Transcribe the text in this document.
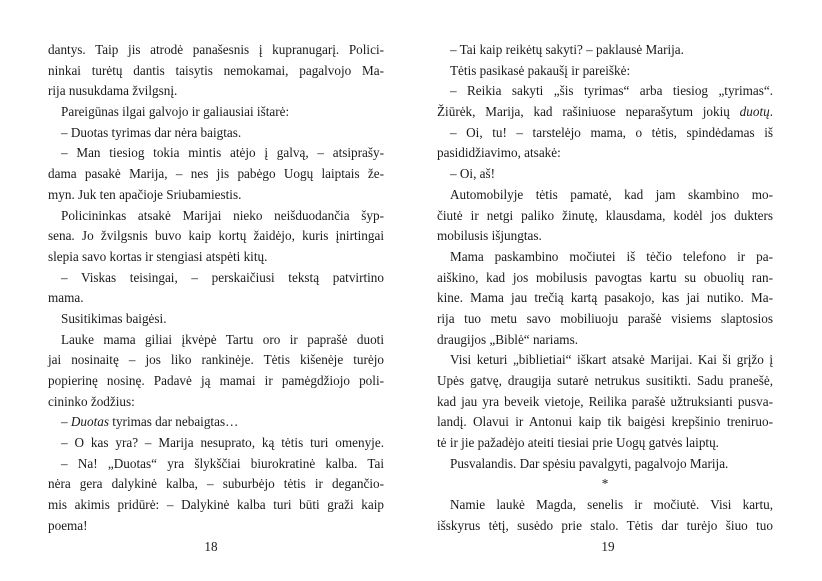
dantys. Taip jis atrodė panašesnis į kupranugarį. Polici-
ninkai turėtų dantis taisytis nemokamai, pagalvojo Ma-
rija nusukdama žvilgsnį.
Pareigūnas ilgai galvojo ir galiausiai ištarė:
– Duotas tyrimas dar nėra baigtas.
– Man tiesiog tokia mintis atėjo į galvą, – atsiprašy-
dama pasakė Marija, – nes jis pabėgo Uogų laiptais že-
myn. Juk ten apačioje Sriubamiestis.
Policininkas atsakė Marijai nieko neišduodančia šyp-
sena. Jo žvilgsnis buvo kaip kortų žaidėjo, kuris įnirtingai
slepia savo kortas ir stengiasi atspėti kitų.
– Viskas teisingai, – perskaičiusi tekstą patvirtino
mama.
Susitikimas baigėsi.
Lauke mama giliai įkvėpė Tartu oro ir paprašė duoti
jai nosinaitę – jos liko rankinėje. Tėtis kišenėje turėjo
popierinę nosinę. Padavė ją mamai ir pamėgdžiojo poli-
cininko žodžius:
– Duotas tyrimas dar nebaigtas…
– O kas yra? – Marija nesuprato, ką tėtis turi omenyje.
– Na! „Duotas“ yra šlykščiai biurokratinė kalba. Tai
nėra gera dalykinė kalba, – suburbėjo tėtis ir degančio-
mis akimis pridūrė: – Dalykinė kalba turi būti graži kaip
poema!
– Tai kaip reikėtų sakyti? – paklausė Marija.
Tėtis pasikasė pakaušį ir pareiškė:
– Reikia sakyti „šis tyrimas“ arba tiesiog „tyrimas“.
Žiūrėk, Marija, kad rašiniuose neparašytum jokių duotų.
– Oi, tu! – tarstelėjo mama, o tėtis, spindėdamas iš
pasididžiavimo, atsakė:
– Oi, aš!
Automobilyje tėtis pamatė, kad jam skambino mo-
čiutė ir netgi paliko žinutę, klausdama, kodėl jos dukters
mobilusis išjungtas.
Mama paskambino močiutei iš tėčio telefono ir pa-
aiškino, kad jos mobilusis pavogtas kartu su obuolių ran-
kine. Mama jau trečią kartą pasakojo, kas jai nutiko. Ma-
rija tuo metu savo mobiliuoju parašė visiems slaptosios
draugijos „Biblė“ nariams.
Visi keturi „biblietiai“ iškart atsakė Marijai. Kai ši grįžo į
Upės gatvę, draugija sutarė netrukus susitikti. Sadu pranešė,
kad jau yra beveik vietoje, Reilika parašė užtruksianti pusva-
landį. Olavui ir Antonui kaip tik baigėsi krepšinio treniruo-
tė ir jie pažadėjo ateiti tiesiai prie Uogų gatvės laiptų.
Pusvalandis. Dar spėsiu pavalgyti, pagalvojo Marija.
*
Namie laukė Magda, senelis ir močiutė. Visi kartu,
išskyrus tėtį, susėdo prie stalo. Tėtis dar turėjo šiuo tuo
18	19
